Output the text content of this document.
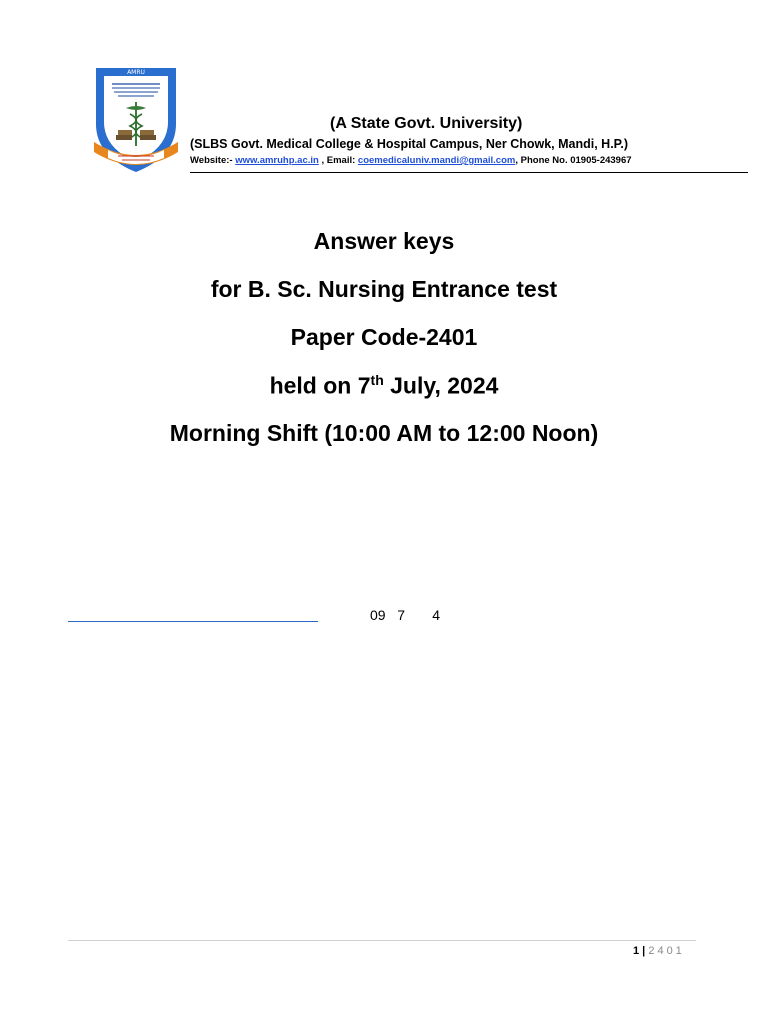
AMRU
(A State Govt. University)
(SLBS Govt. Medical College & Hospital Campus, Ner Chowk, Mandi, H.P.)
Website:- www.amruhp.ac.in , Email: coemedicaluniv.mandi@gmail.com, Phone No. 01905-243967
Answer keys
for B. Sc. Nursing Entrance test
Paper Code-2401
held on 7th July, 2024
Morning Shift (10:00 AM to 12:00 Noon)
09   7       4
1 | 2401
